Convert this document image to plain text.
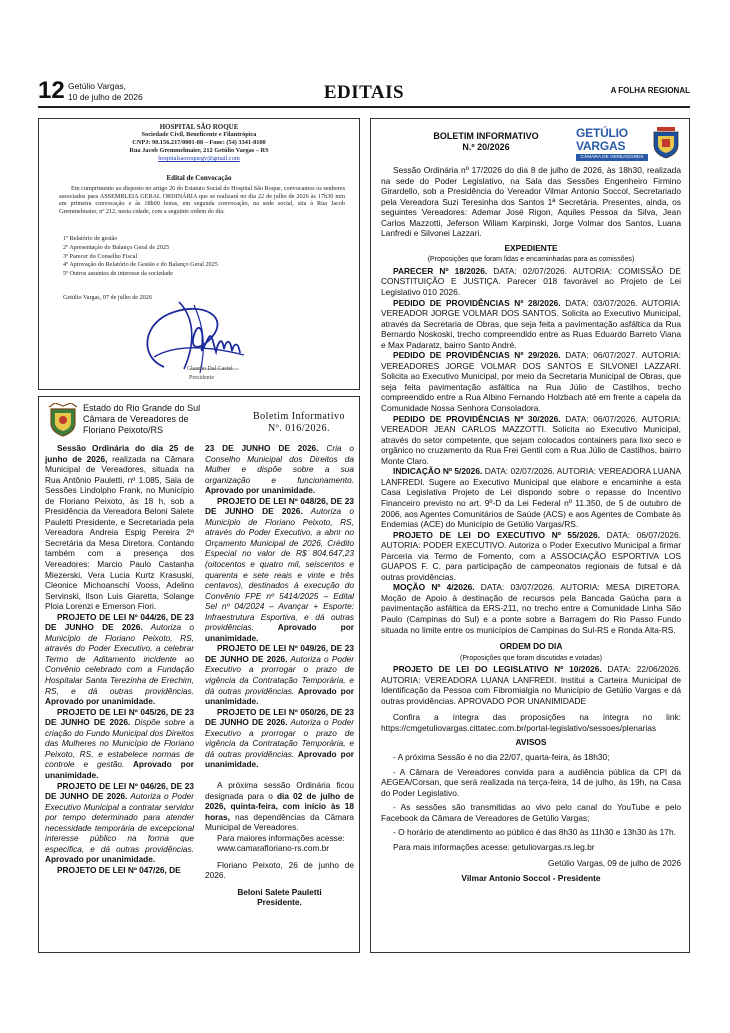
12 Getúlio Vargas,
10 de julho de 2026	EDITAIS	A FOLHA REGIONAL
HOSPITAL SÃO ROQUE
Sociedade Civil, Beneficente e Filantrópica
CNPJ: 90.156.217/0001-88 – Fone: (54) 3341-8100
Rua Jacob Gremmelmaier, 212 Getúlio Vargas – RS
hospitalsaoroquegv@gmail.com
Edital de Convocação
Em cumprimento ao disposto no artigo 26 do Estatuto Social do Hospital São Roque, convocamos os senhores associados para ASSEMBLEIA GERAL ORDINÁRIA que se realizará no dia 22 de julho de 2026 às 17h30 min em primeira convocação e às 18h00 horas, em segunda convocação, na sede social, sita à Rua Jacob Gremmelmaier, nº 212, nesta cidade, com a seguinte ordem do dia:
1º Relatório de gestão
2º Apresentação do Balanço Geral de 2025
3º Parecer do Conselho Fiscal
4º Aprovação do Relatório de Gestão e do Balanço Geral 2025
5º Outros assuntos de interesse da sociedade
Getúlio Vargas, 07 de julho de 2026
Claudio Dal Castel
Presidente
Estado do Rio Grande do Sul
Câmara de Vereadores de
Floriano Peixoto/RS
Boletim Informativo
Nº. 016/2026.

Sessão Ordinária do dia 25 de junho de 2026, realizada na Câmara Municipal de Vereadores, situada na Rua Antônio Pauletti, nº 1.085, Sala de Sessões Lindolpho Frank, no Município de Floriano Peixoto, às 18 h, sob a Presidência da Vereadora Beloni Salete Pauletti Presidente, e Secretariada pela Vereadora Andreia Espig Pereira 2ª Secretária da Mesa Diretora. Contando também com a presença dos Vereadores: Marcio Paulo Castanha Miezerski, Vera Lucia Kurtz Krasuski, Cleonice Michoanschi Vooss, Adelino Servinski, Ilson Luis Giaretta, Solange Ploia Lorenzi e Emerson Fiori.

PROJETO DE LEI Nº 044/26, DE 23 DE JUNHO DE 2026. Autoriza o Município de Floriano Peixoto, RS, através do Poder Executivo, a celebrar Termo de Aditamento incidente ao Convênio celebrado com a Fundação Hospitalar Santa Terezinha de Erechim, RS, e dá outras providências. Aprovado por unanimidade.

PROJETO DE LEI Nº 045/26, DE 23 DE JUNHO DE 2026. Dispõe sobre a criação do Fundo Municipal dos Direitos das Mulheres no Município de Floriano Peixoto, RS, e estabelece normas de controle e gestão. Aprovado por unanimidade.

PROJETO DE LEI Nº 046/26, DE 23 DE JUNHO DE 2026. Autoriza o Poder Executivo Municipal a contratar servidor por tempo determinado para atender necessidade temporária de excepcional interesse público na forma que especifica, e dá outras providências. Aprovado por unanimidade.

PROJETO DE LEI Nº 047/26, DE

23 DE JUNHO DE 2026. Cria o Conselho Municipal dos Direitos da Mulher e dispõe sobre a sua organização e funcionamento. Aprovado por unanimidade.

PROJETO DE LEI Nº 048/26, DE 23 DE JUNHO DE 2026. Autoriza o Município de Floriano Peixoto, RS, através do Poder Executivo, a abrir no Orçamento Municipal de 2026, Crédito Especial no valor de R$ 804.647,23 (oitocentos e quatro mil, seiscentos e quarenta e sete reais e vinte e três centavos), destinados à execução do Convênio FPE nº 5414/2025 – Edital Sel nº 04/2024 – Avançar + Esporte: Infraestrutura Esportiva, e dá outras providências. Aprovado por unanimidade.

PROJETO DE LEI Nº 049/26, DE 23 DE JUNHO DE 2026. Autoriza o Poder Executivo a prorrogar o prazo de vigência da Contratação Temporária, e dá outras providências. Aprovado por unanimidade.

PROJETO DE LEI Nº 050/26, DE 23 DE JUNHO DE 2026. Autoriza o Poder Executivo a prorrogar o prazo de vigência da Contratação Temporária, e dá outras providências. Aprovado por unanimidade.

A próxima sessão Ordinária ficou designada para o dia 02 de julho de 2026, quinta-feira, com início às 18 horas, nas dependências da Câmara Municipal de Vereadores.

Para maiores informações acesse:

www.camarafloriano-rs.com.br

Floriano Peixoto, 26 de junho de 2026.

Beloni Salete Pauletti

Presidente.

BOLETIM INFORMATIVO
N.º 20/2026
GETÚLIO VARGAS
CÂMARA DE VEREADORES

Sessão Ordinária nº 17/2026 do dia 8 de julho de 2026, às 18h30, realizada na sede do Poder Legislativo, na Sala das Sessões Engenheiro Firmino Girardello, sob a Presidência do Vereador Vilmar Antonio Soccol, Secretariado pela Vereadora Suzi Teresinha dos Santos 1ª Secretária. Presentes, ainda, os seguintes Vereadores: Ademar José Rigon, Aquiles Pessoa da Silva, Jean Carlos Mazzotti, Jeferson Wiliam Karpinski, Jorge Volmar dos Santos, Luana Lanfredi e Silvonei Lazzari.

EXPEDIENTE

(Proposições que foram lidas e encaminhadas para as comissões)

PARECER Nº 18/2026. DATA: 02/07/2026. AUTORIA: COMISSÃO DE CONSTITUIÇÃO E JUSTIÇA. Parecer 018 favorável ao Projeto de Lei Legislativo 010 2026.

PEDIDO DE PROVIDÊNCIAS Nº 28/2026. DATA: 03/07/2026. AUTORIA: VEREADOR JORGE VOLMAR DOS SANTOS. Solicita ao Executivo Municipal, através da Secretaria de Obras, que seja feita a pavimentação asfáltica da Rua Bernardo Noskoski, trecho compreendido entre as Ruas Eduardo Barreto Viana e Max Padaratz, bairro Santo André.

PEDIDO DE PROVIDÊNCIAS Nº 29/2026. DATA: 06/07/2027. AUTORIA: VEREADORES JORGE VOLMAR DOS SANTOS E SILVONEI LAZZARI. Solicita ao Executivo Municipal, por meio da Secretaria Municipal de Obras, que seja feita pavimentação asfáltica na Rua Júlio de Castilhos, trecho compreendido entre a Rua Albino Fernando Holzbach até em frente a capela da Comunidade Nossa Senhora Consoladora.

PEDIDO DE PROVIDÊNCIAS Nº 30/2026. DATA: 06/07/2026. AUTORIA: VEREADOR JEAN CARLOS MAZZOTTI. Solicita ao Executivo Municipal, através do setor competente, que sejam colocados containers para lixo seco e orgânico no cruzamento da Rua Frei Gentil com a Rua Júlio de Castilhos, bairro Monte Claro.

INDICAÇÃO Nº 5/2026. DATA: 02/07/2026. AUTORIA: VEREADORA LUANA LANFREDI. Sugere ao Executivo Municipal que elabore e encaminhe a esta Casa Legislativa Projeto de Lei dispondo sobre o repasse do Incentivo Financeiro previsto no art. 9º-D da Lei Federal nº 11.350, de 5 de outubro de 2006, aos Agentes Comunitários de Saúde (ACS) e aos Agentes de Combate às Endemias (ACE) do Município de Getúlio Vargas/RS.

PROJETO DE LEI DO EXECUTIVO Nº 55/2026. DATA: 06/07/2026. AUTORIA: PODER EXECUTIVO. Autoriza o Poder Executivo Municipal a firmar Parceria via Termo de Fomento, com a ASSOCIAÇÃO ESPORTIVA LOS GUAPOS F. C. para participação de campeonatos regionais de futsal e dá outras providências.

MOÇÃO Nº 4/2026. DATA: 03/07/2026. AUTORIA: MESA DIRETORA. Moção de Apoio à destinação de recursos pela Bancada Gaúcha para a pavimentação asfáltica da ERS-211, no trecho entre a Comunidade Linha São Paulo (Campinas do Sul) e a ponte sobre a Barragem do Rio Passo Fundo situada no limite entre os municípios de Campinas do Sul-RS e Ronda Alta-RS.

ORDEM DO DIA

(Proposições que foram discutidas e votadas)

PROJETO DE LEI DO LEGISLATIVO Nº 10/2026. DATA: 22/06/2026. AUTORIA: VEREADORA LUANA LANFREDI. Institui a Carteira Municipal de Identificação da Pessoa com Fibromialgia no Município de Getúlio Vargas e dá outras providências. APROVADO POR UNANIMIDADE

Confira a íntegra das proposições na íntegra no link: https://cmgetuliovargas.cittatec.com.br/portal-legislativo/sessoes/plenarias

AVISOS

- A próxima Sessão é no dia 22/07, quarta-feira, às 18h30;

- A Câmara de Vereadores convida para a audiência pública da CPI da AEGEA/Corsan, que será realizada na terça-feira, 14 de julho, às 19h, na Casa do Poder Legislativo.

- As sessões são transmitidas ao vivo pelo canal do YouTube e pelo Facebook da Câmara de Vereadores de Getúlio Vargas;

- O horário de atendimento ao público é das 8h30 às 11h30 e 13h30 às 17h.

Para mais informações acesse: getuliovargas.rs.leg.br

Getúlio Vargas, 09 de julho de 2026

Vilmar Antonio Soccol - Presidente
